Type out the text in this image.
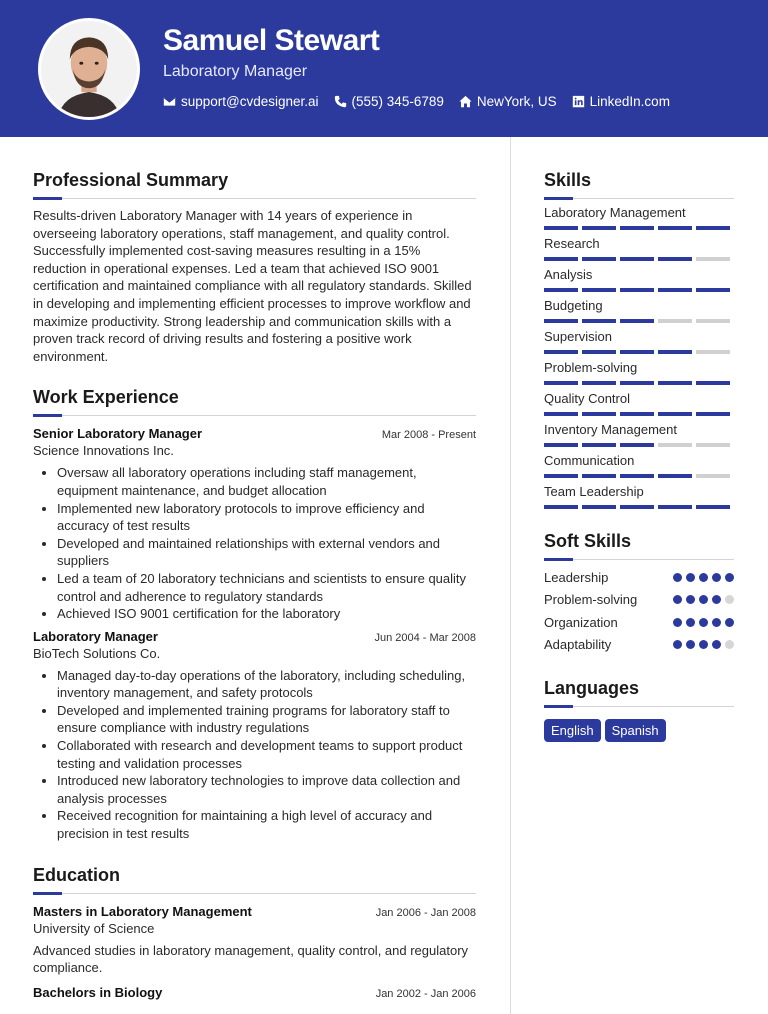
Samuel Stewart
Laboratory Manager
support@cvdesigner.ai (555) 345-6789 NewYork, US LinkedIn.com
Professional Summary

Results-driven Laboratory Manager with 14 years of experience in overseeing laboratory operations, staff management, and quality control. Successfully implemented cost-saving measures resulting in a 15% reduction in operational expenses. Led a team that achieved ISO 9001 certification and maintained compliance with all regulatory standards. Skilled in developing and implementing efficient processes to improve workflow and maximize productivity. Strong leadership and communication skills with a proven track record of driving results and fostering a positive work environment.

Work Experience
Senior Laboratory Manager	Mar 2008 - Present
Science Innovations Inc.
• Oversaw all laboratory operations including staff management, equipment maintenance, and budget allocation
• Implemented new laboratory protocols to improve efficiency and accuracy of test results
• Developed and maintained relationships with external vendors and suppliers
• Led a team of 20 laboratory technicians and scientists to ensure quality control and adherence to regulatory standards
• Achieved ISO 9001 certification for the laboratory
Laboratory Manager	Jun 2004 - Mar 2008
BioTech Solutions Co.
• Managed day-to-day operations of the laboratory, including scheduling, inventory management, and safety protocols
• Developed and implemented training programs for laboratory staff to ensure compliance with industry regulations
• Collaborated with research and development teams to support product testing and validation processes
• Introduced new laboratory technologies to improve data collection and analysis processes
• Received recognition for maintaining a high level of accuracy and precision in test results
Education
Masters in Laboratory Management	Jan 2006 - Jan 2008
University of Science
Advanced studies in laboratory management, quality control, and regulatory compliance.
Bachelors in Biology	Jan 2002 - Jan 2006
Skills
Laboratory Management
Research
Analysis
Budgeting
Supervision
Problem-solving
Quality Control
Inventory Management
Communication
Team Leadership
Soft Skills
Leadership
Problem-solving
Organization
Adaptability
Languages
English	Spanish
